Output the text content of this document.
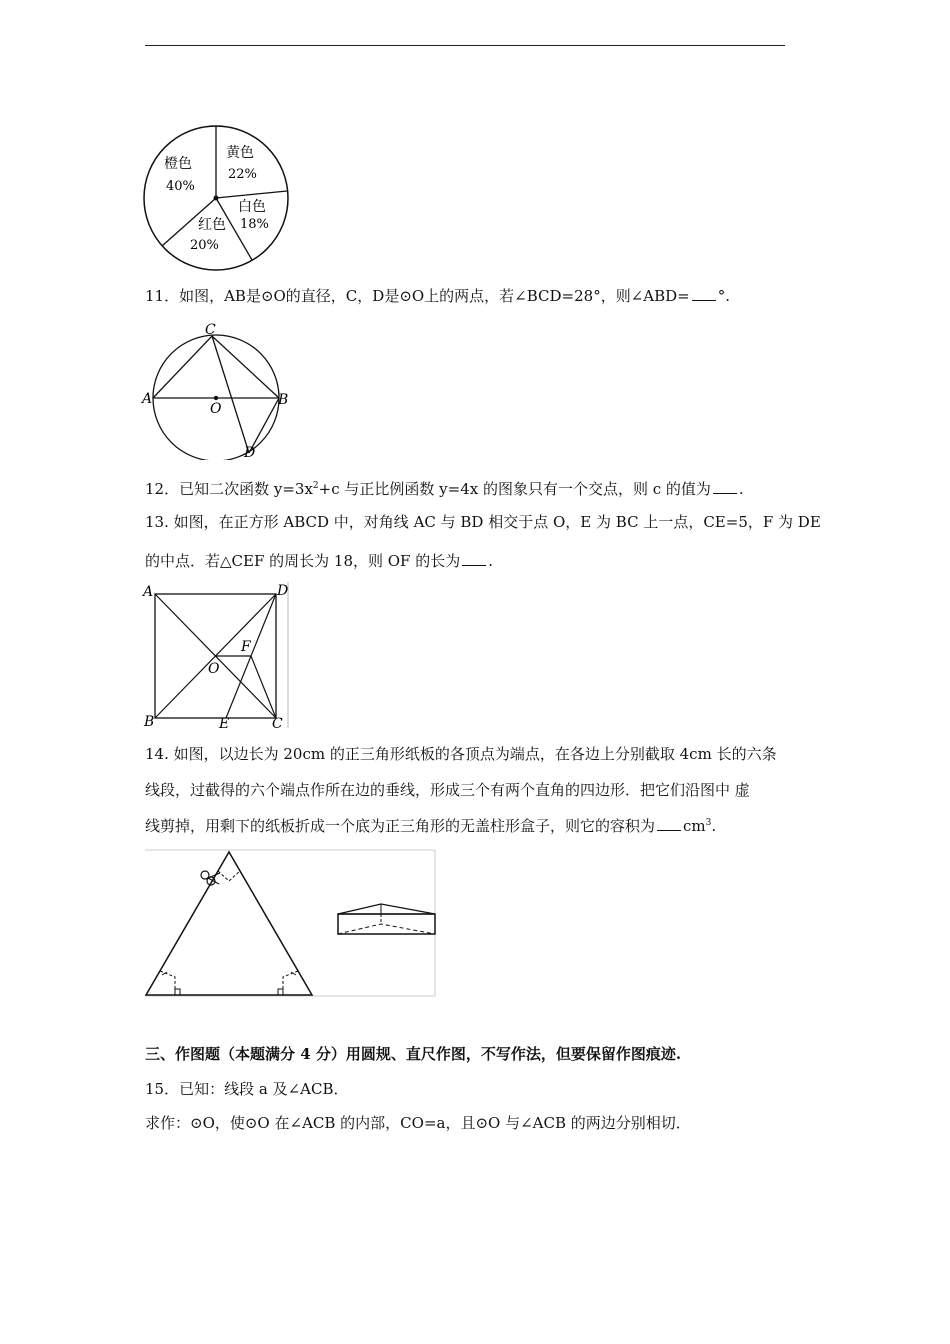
橙色
40%
黄色
22%
白色
18%
红色
20%
11．如图，AB是⊙O的直径，C，D是⊙O上的两点，若∠BCD=28°，则∠ABD= °.
A	B
C
D
O
12．已知二次函数 $y=3x^2+c$ 与正比例函数 y=4x 的图象只有一个交点，则 c 的值为 .
13. 如图，在正方形 ABCD 中，对角线 AC 与 BD 相交于点 O，E 为 BC 上一点，CE=5，F 为 DE
的中点．若△CEF 的周长为 18，则 OF 的长为 .
A	D
F
O
B	E	C
14. 如图，以边长为 20cm 的正三角形纸板的各顶点为端点，在各边上分别截取 4cm 长的六条
线段，过截得的六个端点作所在边的垂线，形成三个有两个直角的四边形．把它们沿图中 虚
线剪掉，用剩下的纸板折成一个底为正三角形的无盖柱形盒子，则它的容积为 $cm^3$.
三、作图题（本题满分 4 分）用圆规、直尺作图，不写作法，但要保留作图痕迹.
15．已知：线段 a 及∠ACB．
求作：⊙O，使⊙O 在∠ACB 的内部，CO=a，且⊙O 与∠ACB 的两边分别相切．
